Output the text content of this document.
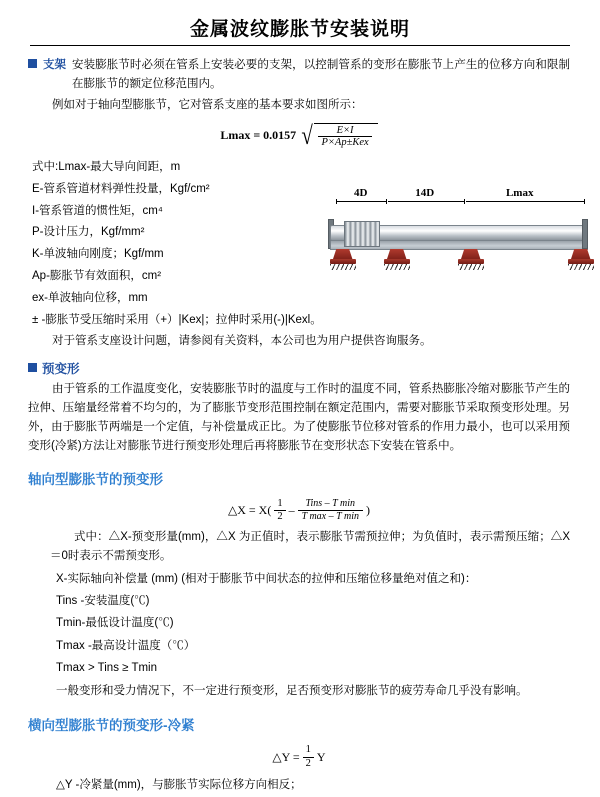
金属波纹膨胀节安装说明
支架 安装膨胀节时必须在管系上安装必要的支架，以控制管系的变形在膨胀节上产生的位移方向和限制在膨胀节的额定位移范围内。

例如对于轴向型膨胀节，它对管系支座的基本要求如图所示：

Lmax = 0.0157 √ $\frac{E\times I}{\text{P×Ap±Kex}}$
式中:Lmax-最大导向间距，m
E-管系管道材料弹性投量，Kgf/cm²
I-管系管道的惯性矩，cm⁴
P-设计压力，Kgf/mm²
K-单波轴向刚度；Kgf/mm
Ap-膨胀节有效面积，cm²
ex-单波轴向位移，mm
± -膨胀节受压缩时采用（+）|Kex|；拉伸时采用(-)|Kexl。
4D	14D	Lmax

对于管系支座设计问题，请参阅有关资料，本公司也为用户提供咨询服务。

预变形

由于管系的工作温度变化，安装膨胀节时的温度与工作时的温度不同，管系热膨胀冷缩对膨胀节产生的拉伸、压缩量经常着不均匀的，为了膨胀节变形范围控制在额定范围内，需要对膨胀节采取预变形处理。另外，由于膨胀节两端是一个定值，与补偿量成正比。为了使膨胀节位移对管系的作用力最小，也可以采用预变形(冷紧)方法让对膨胀节进行预变形处理后再将膨胀节在变形状态下安装在管系中。

轴向型膨胀节的预变形
△X = $X( \frac{1}{2} - \frac{\text{Tins – T min}}{\text{T max – T min}}$ )

式中：△X-预变形量(mm)，△X 为正值时，表示膨胀节需预拉伸；为负值时，表示需预压缩；△X＝0时表示不需预变形。

X-实际轴向补偿量 (mm) (相对于膨胀节中间状态的拉伸和压缩位移量绝对值之和)：
Tins -安装温度(℃)
Tmin-最低设计温度(℃)
Tmax -最高设计温度（℃）
Tmax > Tins ≥ Tmin
一般变形和受力情况下，不一定进行预变形，足否预变形对膨胀节的疲劳寿命几乎没有影响。
横向型膨胀节的预变形-冷紧
△Y = $\frac{1}{2}$ Y
△Y -冷紧量(mm)，与膨胀节实际位移方向相反；
